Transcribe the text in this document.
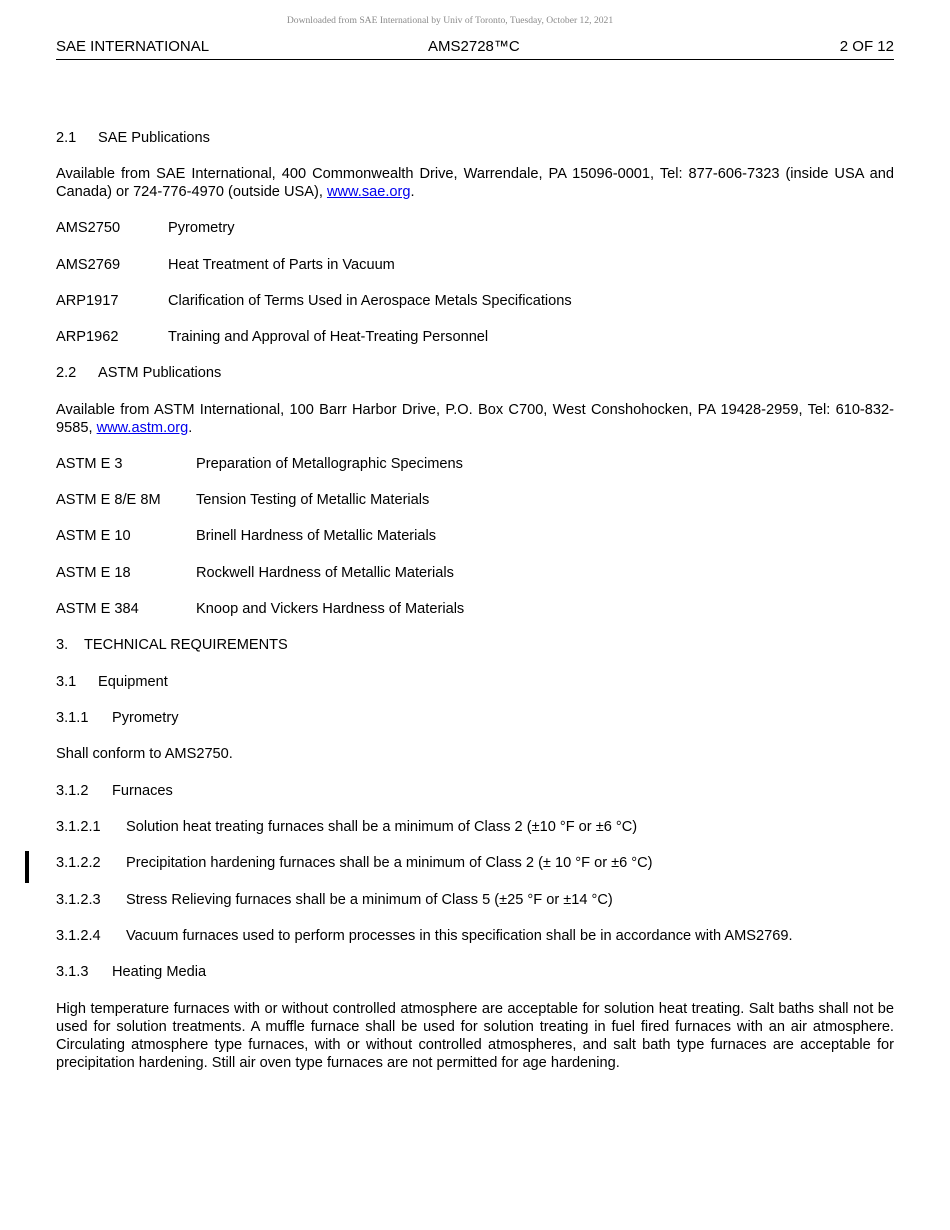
Downloaded from SAE International by Univ of Toronto, Tuesday, October 12, 2021
SAE INTERNATIONAL	AMS2728™C	2 OF 12
2.1 SAE Publications
Available from SAE International, 400 Commonwealth Drive, Warrendale, PA 15096-0001, Tel: 877-606-7323 (inside USA and Canada) or 724-776-4970 (outside USA), www.sae.org.
AMS2750	Pyrometry
AMS2769	Heat Treatment of Parts in Vacuum
ARP1917	Clarification of Terms Used in Aerospace Metals Specifications
ARP1962	Training and Approval of Heat-Treating Personnel
2.2 ASTM Publications
Available from ASTM International, 100 Barr Harbor Drive, P.O. Box C700, West Conshohocken, PA 19428-2959, Tel: 610-832-9585, www.astm.org.
ASTM E 3	Preparation of Metallographic Specimens
ASTM E 8/E 8M Tension Testing of Metallic Materials
ASTM E 10	Brinell Hardness of Metallic Materials
ASTM E 18	Rockwell Hardness of Metallic Materials
ASTM E 384	Knoop and Vickers Hardness of Materials
3. TECHNICAL REQUIREMENTS
3.1 Equipment
3.1.1 Pyrometry
Shall conform to AMS2750.
3.1.2 Furnaces
3.1.2.1 Solution heat treating furnaces shall be a minimum of Class 2 (±10 °F or ±6 °C)
3.1.2.2 Precipitation hardening furnaces shall be a minimum of Class 2 (± 10 °F or ±6 °C)
3.1.2.3 Stress Relieving furnaces shall be a minimum of Class 5 (±25 °F or ±14 °C)
3.1.2.4 Vacuum furnaces used to perform processes in this specification shall be in accordance with AMS2769.
3.1.3 Heating Media
High temperature furnaces with or without controlled atmosphere are acceptable for solution heat treating. Salt baths shall not be used for solution treatments. A muffle furnace shall be used for solution treating in fuel fired furnaces with an air atmosphere. Circulating atmosphere type furnaces, with or without controlled atmospheres, and salt bath type furnaces are acceptable for precipitation hardening. Still air oven type furnaces are not permitted for age hardening.
